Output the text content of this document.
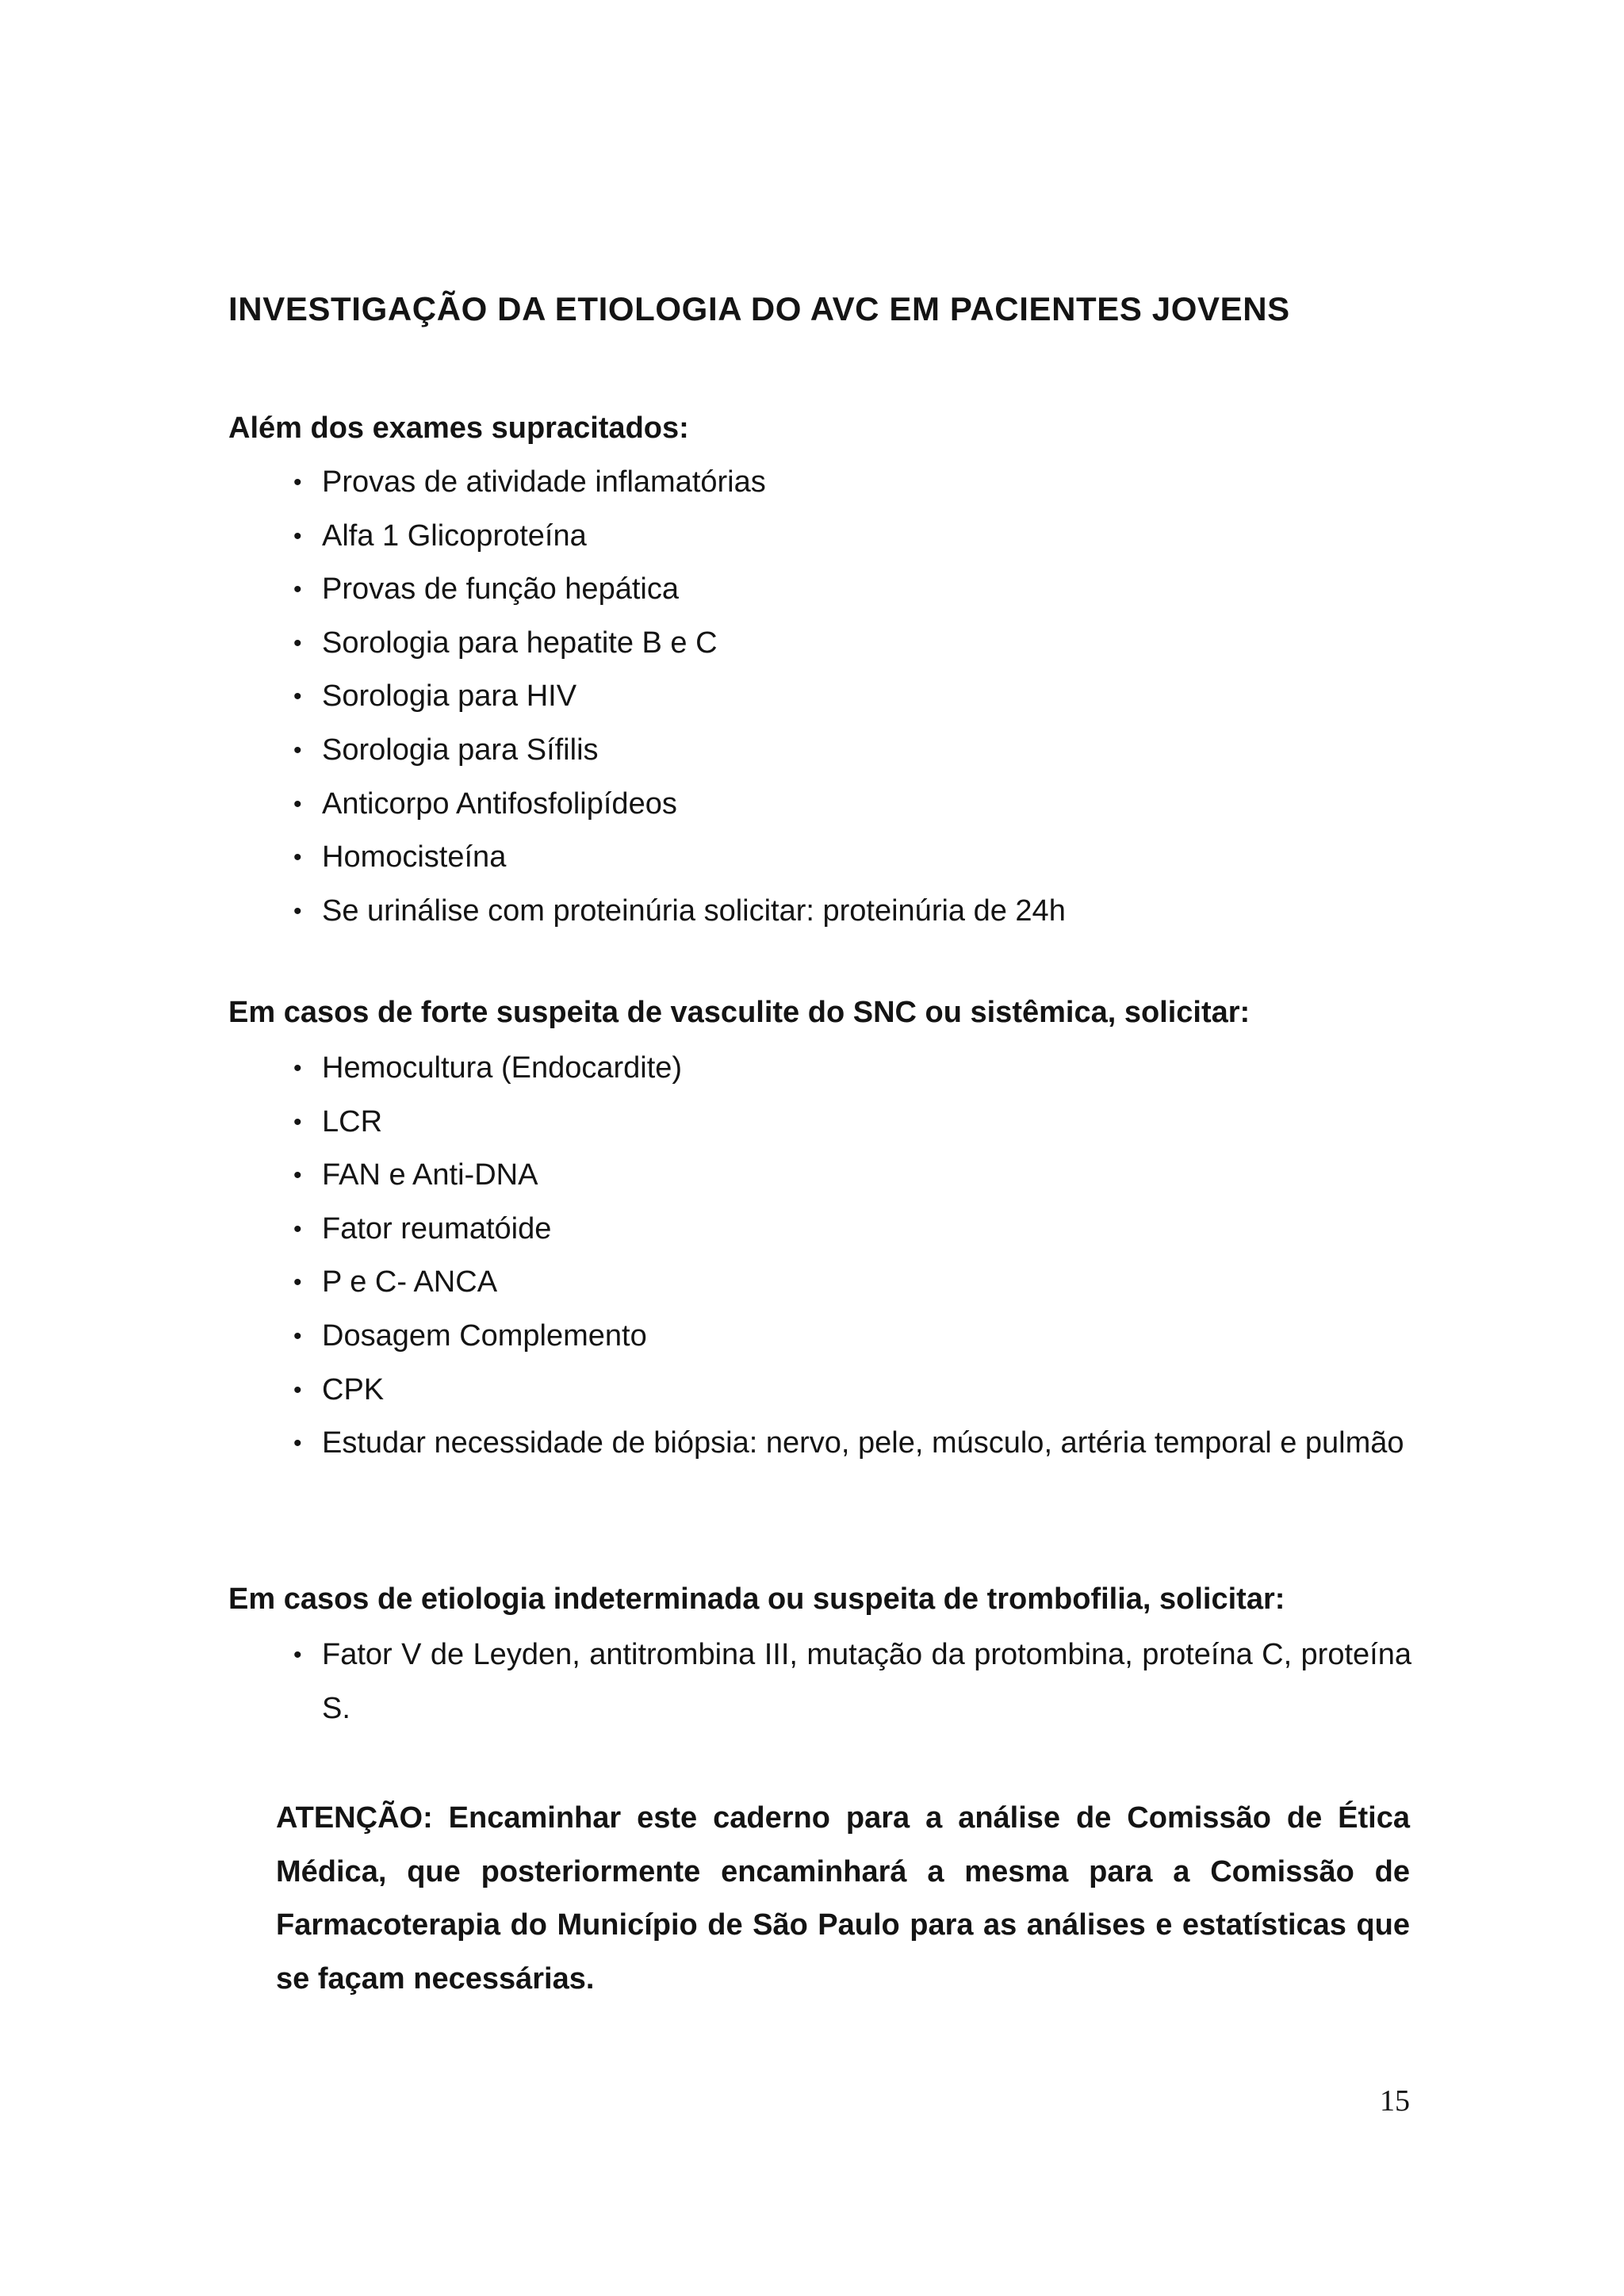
INVESTIGAÇÃO DA ETIOLOGIA DO AVC EM PACIENTES JOVENS

Além dos exames supracitados:

• Provas de atividade inflamatórias
• Alfa 1 Glicoproteína
• Provas de função hepática
• Sorologia para hepatite B e C
• Sorologia para HIV
• Sorologia para Sífilis
• Anticorpo Antifosfolipídeos
• Homocisteína
• Se urinálise com proteinúria solicitar: proteinúria de 24h

Em casos de forte suspeita de vasculite do SNC ou sistêmica, solicitar:

• Hemocultura (Endocardite)
• LCR
• FAN e Anti-DNA
• Fator reumatóide
• P e C- ANCA
• Dosagem Complemento
• CPK
• Estudar necessidade de biópsia: nervo, pele, músculo, artéria temporal e pulmão

Em casos de etiologia indeterminada ou suspeita de trombofilia, solicitar:

• Fator V de Leyden, antitrombina III, mutação da protombina, proteína C, proteína S.

ATENÇÃO: Encaminhar este caderno para a análise de Comissão de Ética Médica, que posteriormente encaminhará a mesma para a Comissão de Farmacoterapia do Município de São Paulo para as análises e estatísticas que se façam necessárias.

15
